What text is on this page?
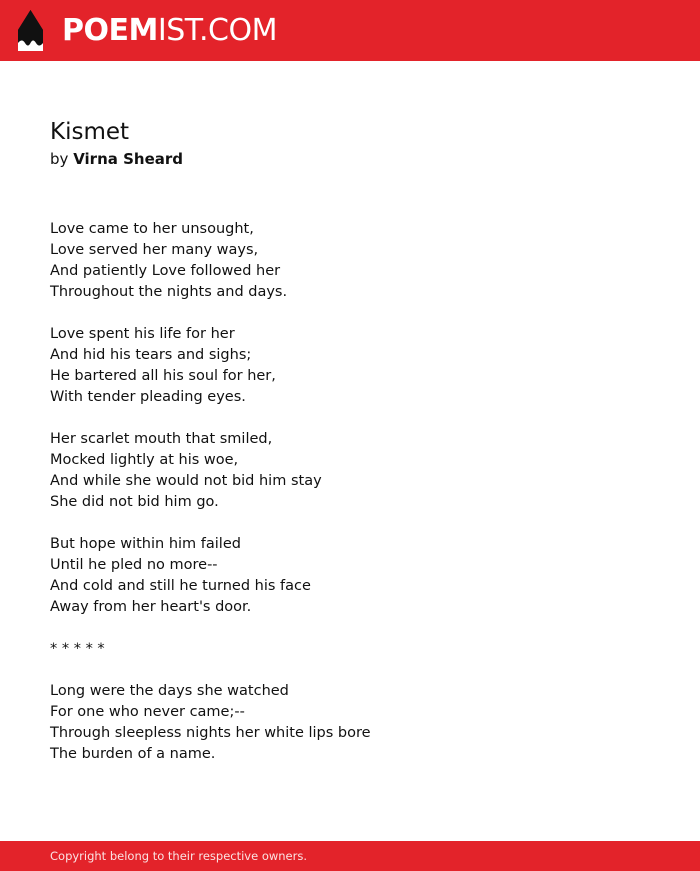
POEMIST.COM
Kismet
by Virna Sheard
Love came to her unsought,
Love served her many ways,
And patiently Love followed her
Throughout the nights and days.
Love spent his life for her
And hid his tears and sighs;
He bartered all his soul for her,
With tender pleading eyes.
Her scarlet mouth that smiled,
Mocked lightly at his woe,
And while she would not bid him stay
She did not bid him go.
But hope within him failed
Until he pled no more--
And cold and still he turned his face
Away from her heart's door.
* * * * *
Long were the days she watched
For one who never came;--
Through sleepless nights her white lips bore
The burden of a name.
Copyright belong to their respective owners.
